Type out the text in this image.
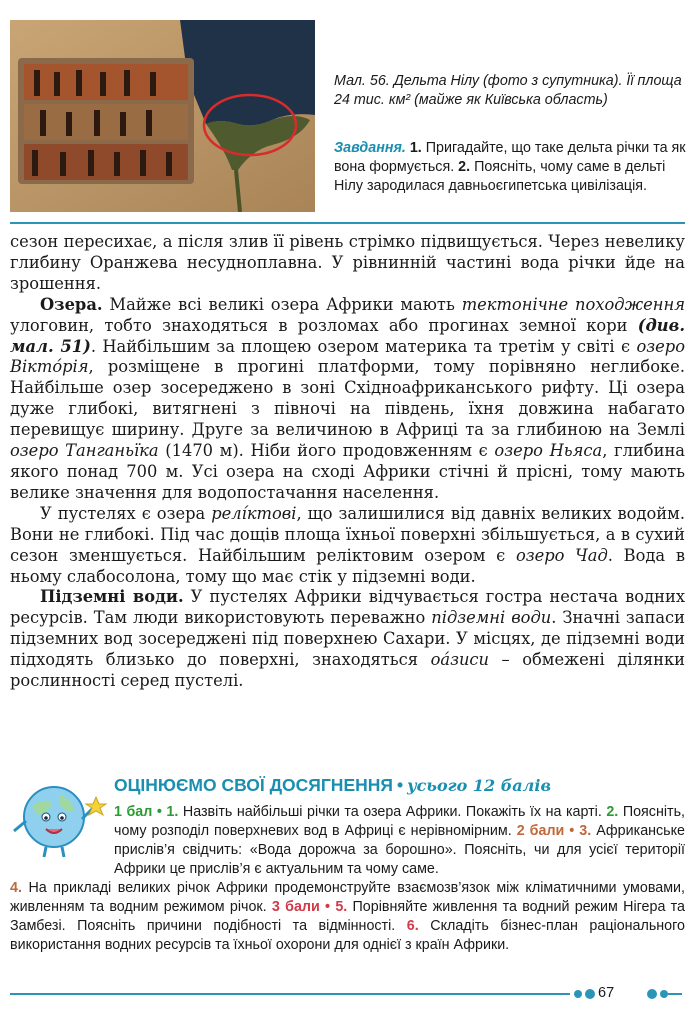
Мал. 56. Дельта Нілу (фото з супутника). Її площа 24 тис. км² (майже як Київська область)
Завдання. 1. Пригадайте, що таке дельта річки та як вона формується. 2. Поясніть, чому саме в дельті Нілу зародилася давньоєгипетська цивілізація.

сезон пересихає, а після злив її рівень стрімко підвищується. Через невелику глибину Оранжева несудноплавна. У рівнинній частині вода річки йде на зрошення.

Озера. Майже всі великі озера Африки мають тектонічне походження улоговин, тобто знаходяться в розломах або прогинах земної кори (див. мал. 51). Найбільшим за площею озером материка та третім у світі є озеро Вікто́рія, розміщене в прогині платформи, тому порівняно неглибоке. Найбільше озер зосереджено в зоні Східноафриканського рифту. Ці озера дуже глибокі, витягнені з півночі на південь, їхня довжина набагато перевищує ширину. Друге за величиною в Африці та за глибиною на Землі озеро Танганьїка (1470 м). Ніби його продовженням є озеро Ньяса, глибина якого понад 700 м. Усі озера на сході Африки стічні й прісні, тому мають велике значення для водопостачання населення.

У пустелях є озера релі́ктові, що залишилися від давніх великих водойм. Вони не глибокі. Під час дощів площа їхньої поверхні збільшується, а в сухий сезон зменшується. Найбільшим реліктовим озером є озеро Чад. Вода в ньому слабосолона, тому що має стік у підземні води.

Підземні води. У пустелях Африки відчувається гостра нестача водних ресурсів. Там люди використовують переважно підземні води. Значні запаси підземних вод зосереджені під поверхнею Сахари. У місцях, де підземні води підходять близько до поверхні, знаходяться оа́зиси – обмежені ділянки рослинності серед пустелі.

ОЦІНЮЄМО СВОЇ ДОСЯГНЕННЯ • усього 12 балів
1 бал • 1. Назвіть найбільші річки та озера Африки. Покажіть їх на карті. 2. Поясніть, чому розподіл поверхневих вод в Африці є нерівномірним. 2 бали • 3. Африканське прислів’я свідчить: «Вода дорожча за борошно». Поясніть, чи для усієї території Африки це прислів’я є актуальним та чому саме.
4. На прикладі великих річок Африки продемонструйте взаємозв’язок між кліматичними умовами, живленням та водним режимом річок. 3 бали • 5. Порівняйте живлення та водний режим Нігера та Замбезі. Поясніть причини подібності та відмінності. 6. Складіть бізнес-план раціонального використання водних ресурсів та їхньої охорони для однієї з країн Африки.
67
